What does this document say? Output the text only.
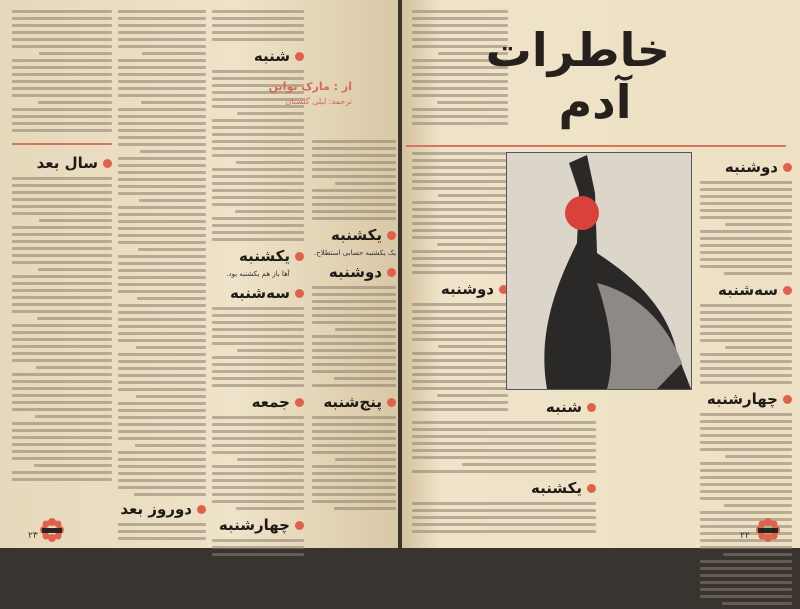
سال بعد
دوروز بعد
شنبه
یکشنبه
آها باز هم یکشنبه بود.
سه‌شنبه
جمعه
چهارشنبه
از : مارک تواین
ترجمه: لیلی گلستان
یکشنبه
یک یکشنبه حسابی استطلاح.
دوشنبه
پنج‌شنبه
۲۳
دوشنبه
شنبه
یکشنبه
خاطرات
آدم
دوشنبه
سه‌شنبه
چهارشنبه
۲۲
